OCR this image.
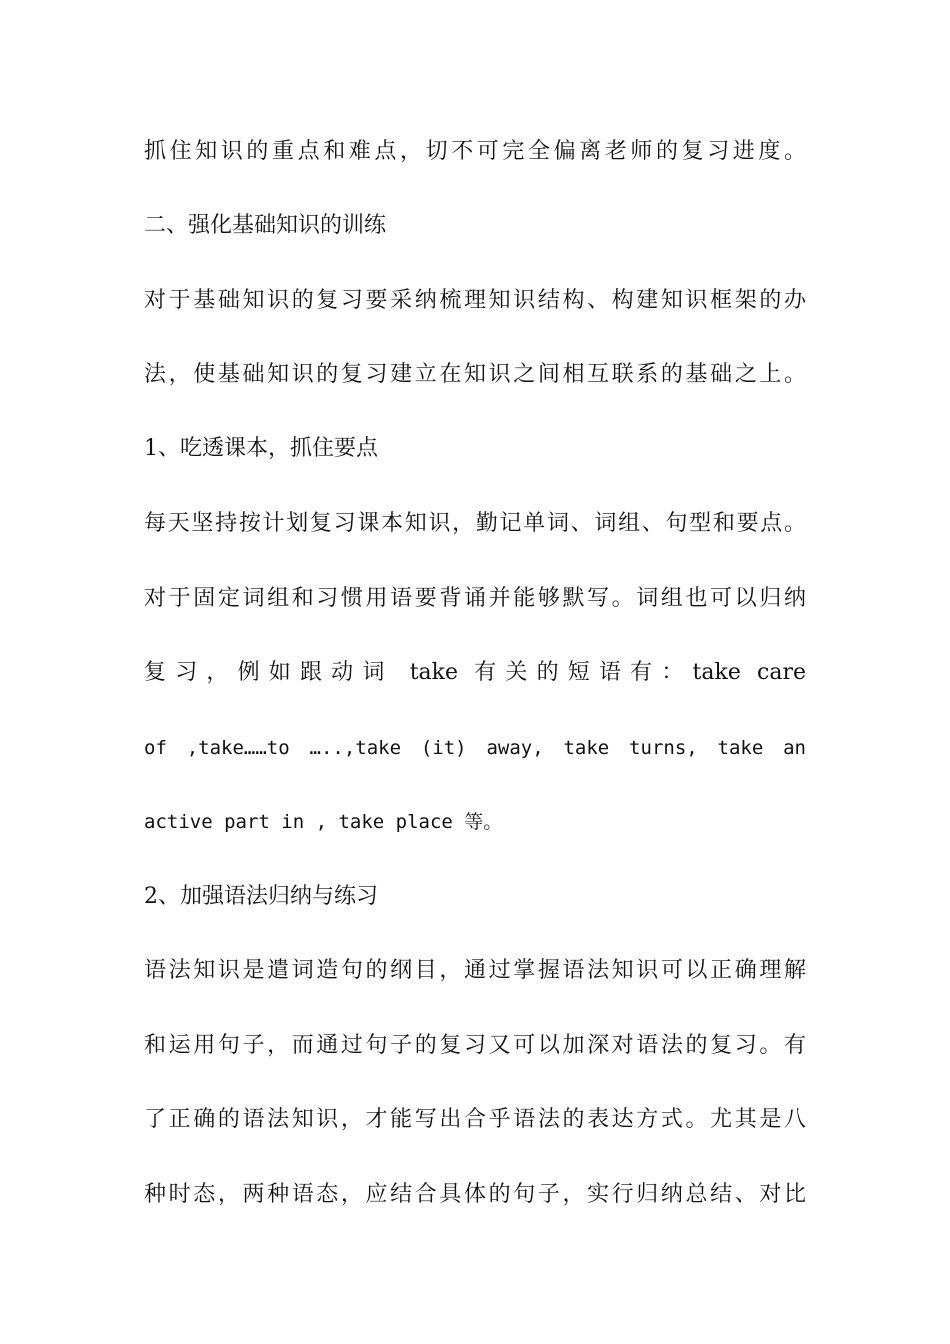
抓住知识的重点和难点，切不可完全偏离老师的复习进度。
二、强化基础知识的训练
对于基础知识的复习要采纳梳理知识结构、构建知识框架的办
法，使基础知识的复习建立在知识之间相互联系的基础之上。
1、吃透课本，抓住要点
每天坚持按计划复习课本知识，勤记单词、词组、句型和要点。
对于固定词组和习惯用语要背诵并能够默写。词组也可以归纳
复习，例如跟动词 take 有关的短语有：take care
of ,take……to …..,take (it) away, take turns, take an
active part in , take place 等。
2、加强语法归纳与练习
语法知识是遣词造句的纲目，通过掌握语法知识可以正确理解
和运用句子，而通过句子的复习又可以加深对语法的复习。有
了正确的语法知识，才能写出合乎语法的表达方式。尤其是八
种时态，两种语态，应结合具体的句子，实行归纳总结、对比
